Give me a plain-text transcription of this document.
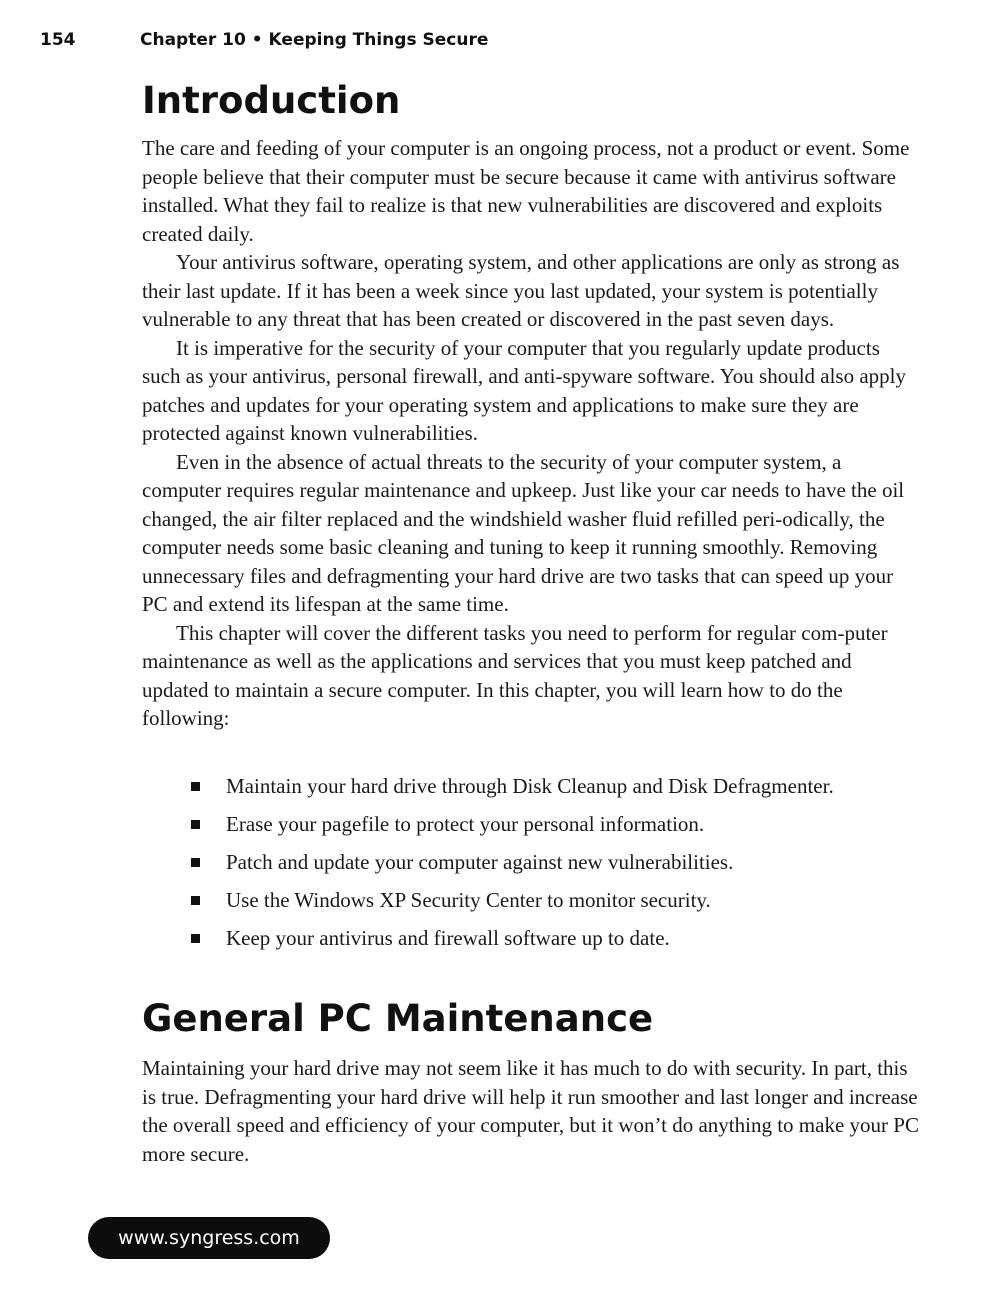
154	Chapter 10 • Keeping Things Secure
Introduction

The care and feeding of your computer is an ongoing process, not a product or event. Some people believe that their computer must be secure because it came with antivirus software installed. What they fail to realize is that new vulnerabilities are discovered and exploits created daily.

Your antivirus software, operating system, and other applications are only as strong as their last update. If it has been a week since you last updated, your system is potentially vulnerable to any threat that has been created or discovered in the past seven days.

It is imperative for the security of your computer that you regularly update products such as your antivirus, personal firewall, and anti-spyware software. You should also apply patches and updates for your operating system and applications to make sure they are protected against known vulnerabilities.

Even in the absence of actual threats to the security of your computer system, a computer requires regular maintenance and upkeep. Just like your car needs to have the oil changed, the air filter replaced and the windshield washer fluid refilled peri-odically, the computer needs some basic cleaning and tuning to keep it running smoothly. Removing unnecessary files and defragmenting your hard drive are two tasks that can speed up your PC and extend its lifespan at the same time.

This chapter will cover the different tasks you need to perform for regular com-puter maintenance as well as the applications and services that you must keep patched and updated to maintain a secure computer. In this chapter, you will learn how to do the following:

Maintain your hard drive through Disk Cleanup and Disk Defragmenter.
Erase your pagefile to protect your personal information.
Patch and update your computer against new vulnerabilities.
Use the Windows XP Security Center to monitor security.
Keep your antivirus and firewall software up to date.
General PC Maintenance

Maintaining your hard drive may not seem like it has much to do with security. In part, this is true. Defragmenting your hard drive will help it run smoother and last longer and increase the overall speed and efficiency of your computer, but it won’t do anything to make your PC more secure.

www.syngress.com
